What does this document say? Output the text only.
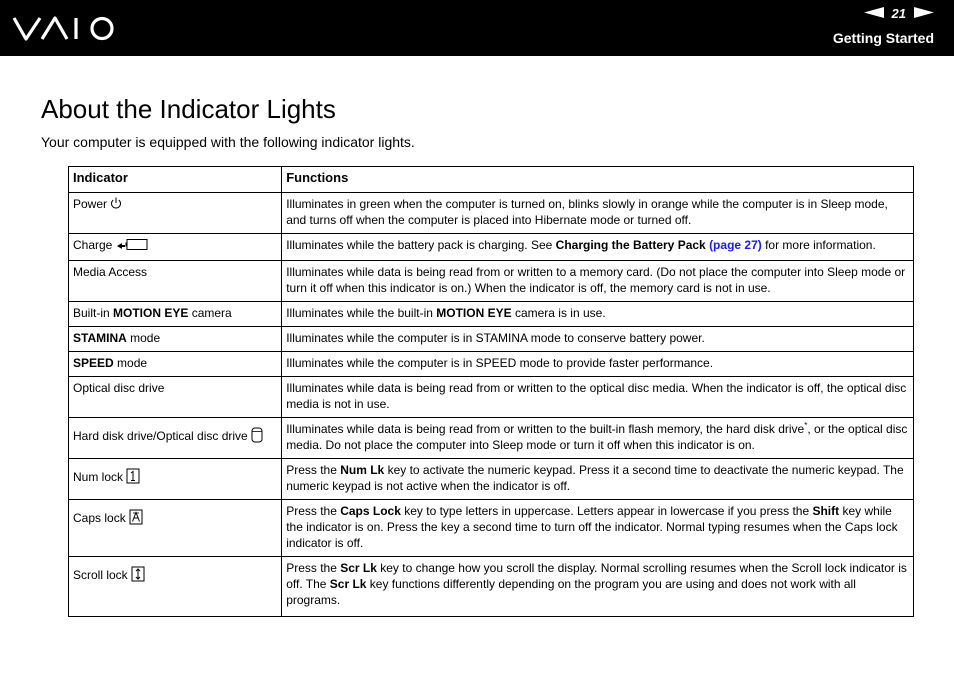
21
Getting Started
About the Indicator Lights

Your computer is equipped with the following indicator lights.

Indicator	Functions
Power	Illuminates in green when the computer is turned on, blinks slowly in orange while the computer is in Sleep mode, and turns off when the computer is placed into Hibernate mode or turned off.
Charge	Illuminates while the battery pack is charging. See Charging the Battery Pack (page 27) for more information.
Media Access	Illuminates while data is being read from or written to a memory card. (Do not place the computer into Sleep mode or turn it off when this indicator is on.) When the indicator is off, the memory card is not in use.
Built-in MOTION EYE camera	Illuminates while the built-in MOTION EYE camera is in use.
STAMINA mode	Illuminates while the computer is in STAMINA mode to conserve battery power.
SPEED mode	Illuminates while the computer is in SPEED mode to provide faster performance.
Optical disc drive	Illuminates while data is being read from or written to the optical disc media. When the indicator is off, the optical disc media is not in use.
Hard disk drive/Optical disc drive	Illuminates while data is being read from or written to the built-in flash memory, the hard disk drive*, or the optical disc media. Do not place the computer into Sleep mode or turn it off when this indicator is on.
Num lock	Press the Num Lk key to activate the numeric keypad. Press it a second time to deactivate the numeric keypad. The numeric keypad is not active when the indicator is off.
Caps lock	Press the Caps Lock key to type letters in uppercase. Letters appear in lowercase if you press the Shift key while the indicator is on. Press the key a second time to turn off the indicator. Normal typing resumes when the Caps lock indicator is off.
Scroll lock	Press the Scr Lk key to change how you scroll the display. Normal scrolling resumes when the Scroll lock indicator is off. The Scr Lk key functions differently depending on the program you are using and does not work with all programs.
